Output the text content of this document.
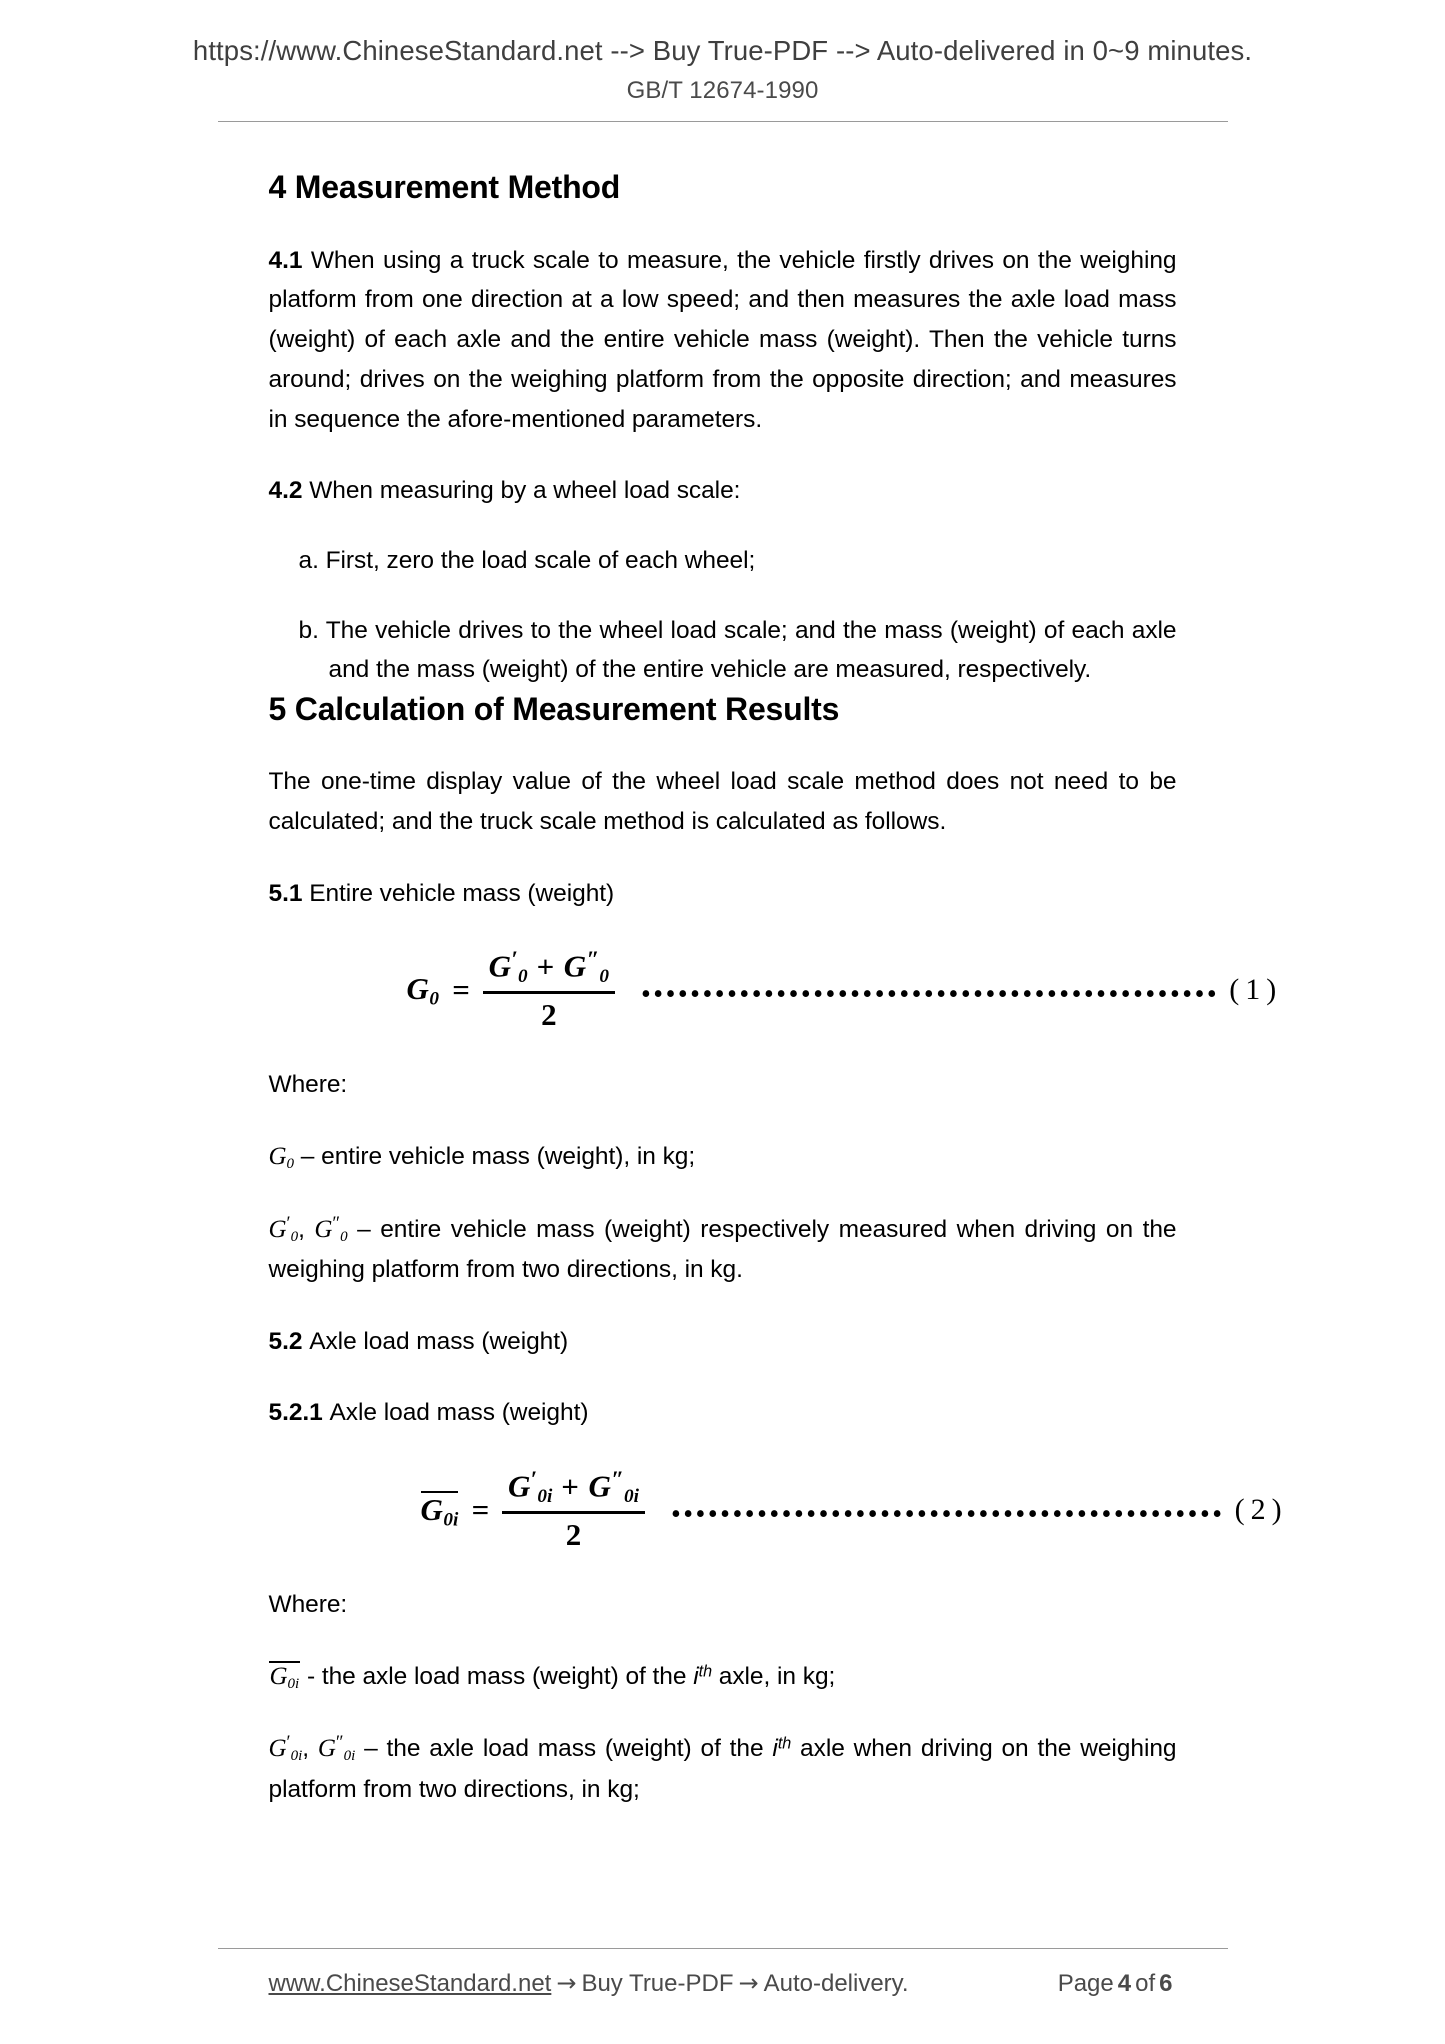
https://www.ChineseStandard.net --> Buy True-PDF --> Auto-delivered in 0~9 minutes.
GB/T 12674-1990
4 Measurement Method

4.1 When using a truck scale to measure, the vehicle firstly drives on the weighing platform from one direction at a low speed; and then measures the axle load mass (weight) of each axle and the entire vehicle mass (weight). Then the vehicle turns around; drives on the weighing platform from the opposite direction; and measures in sequence the afore-mentioned parameters.

4.2 When measuring by a wheel load scale:

a. First, zero the load scale of each wheel;
b. The vehicle drives to the wheel load scale; and the mass (weight) of each axle and the mass (weight) of the entire vehicle are measured, respectively.
5 Calculation of Measurement Results

The one-time display value of the wheel load scale method does not need to be calculated; and the truck scale method is calculated as follows.

5.1 Entire vehicle mass (weight)

$G0 = \frac{G'0 + G''0}{2}$ ••••••••••••••••••••••••••••••••••••••••••••••• ( 1 )

Where:

G0 – entire vehicle mass (weight), in kg;

G′0, G″0 – entire vehicle mass (weight) respectively measured when driving on the weighing platform from two directions, in kg.

5.2 Axle load mass (weight)

5.2.1 Axle load mass (weight)

$G0i = \frac{G'0i + G''0i}{2}$ ••••••••••••••••••••••••••••••••••••••••••••• ( 2 )

Where:

G0i - the axle load mass (weight) of the $i^{th}$ axle, in kg;

G′0i, G″0i – the axle load mass (weight) of the $i^{th}$ axle when driving on the weighing platform from two directions, in kg;

www.ChineseStandard.net → Buy True-PDF → Auto-delivery.	Page 4 of 6
